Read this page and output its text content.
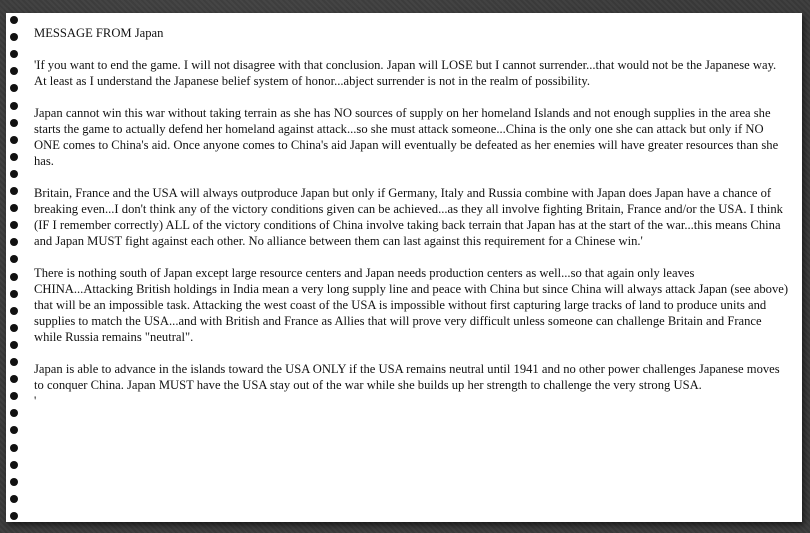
MESSAGE FROM Japan
'If you want to end the game. I will not disagree with that conclusion. Japan will LOSE but I cannot surrender...that would not be the Japanese way. At least as I understand the Japanese belief system of honor...abject surrender is not in the realm of possibility.
Japan cannot win this war without taking terrain as she has NO sources of supply on her homeland Islands and not enough supplies in the area she starts the game to actually defend her homeland against attack...so she must attack someone...China is the only one she can attack but only if NO ONE comes to China's aid. Once anyone comes to China's aid Japan will eventually be defeated as her enemies will have greater resources than she has.
Britain, France and the USA will always outproduce Japan but only if Germany, Italy and Russia combine with Japan does Japan have a chance of breaking even...I don't think any of the victory conditions given can be achieved...as they all involve fighting Britain, France and/or the USA. I think (IF I remember correctly) ALL of the victory conditions of China involve taking back terrain that Japan has at the start of the war...this means China and Japan MUST fight against each other. No alliance between them can last against this requirement for a Chinese win.'
There is nothing south of Japan except large resource centers and Japan needs production centers as well...so that again only leaves CHINA...Attacking British holdings in India mean a very long supply line and peace with China but since China will always attack Japan (see above) that will be an impossible task. Attacking the west coast of the USA is impossible without first capturing large tracks of land to produce units and supplies to match the USA...and with British and France as Allies that will prove very difficult unless someone can challenge Britain and France while Russia remains "neutral".
Japan is able to advance in the islands toward the USA ONLY if the USA remains neutral until 1941 and no other power challenges Japanese moves to conquer China. Japan MUST have the USA stay out of the war while she builds up her strength to challenge the very strong USA.
'
